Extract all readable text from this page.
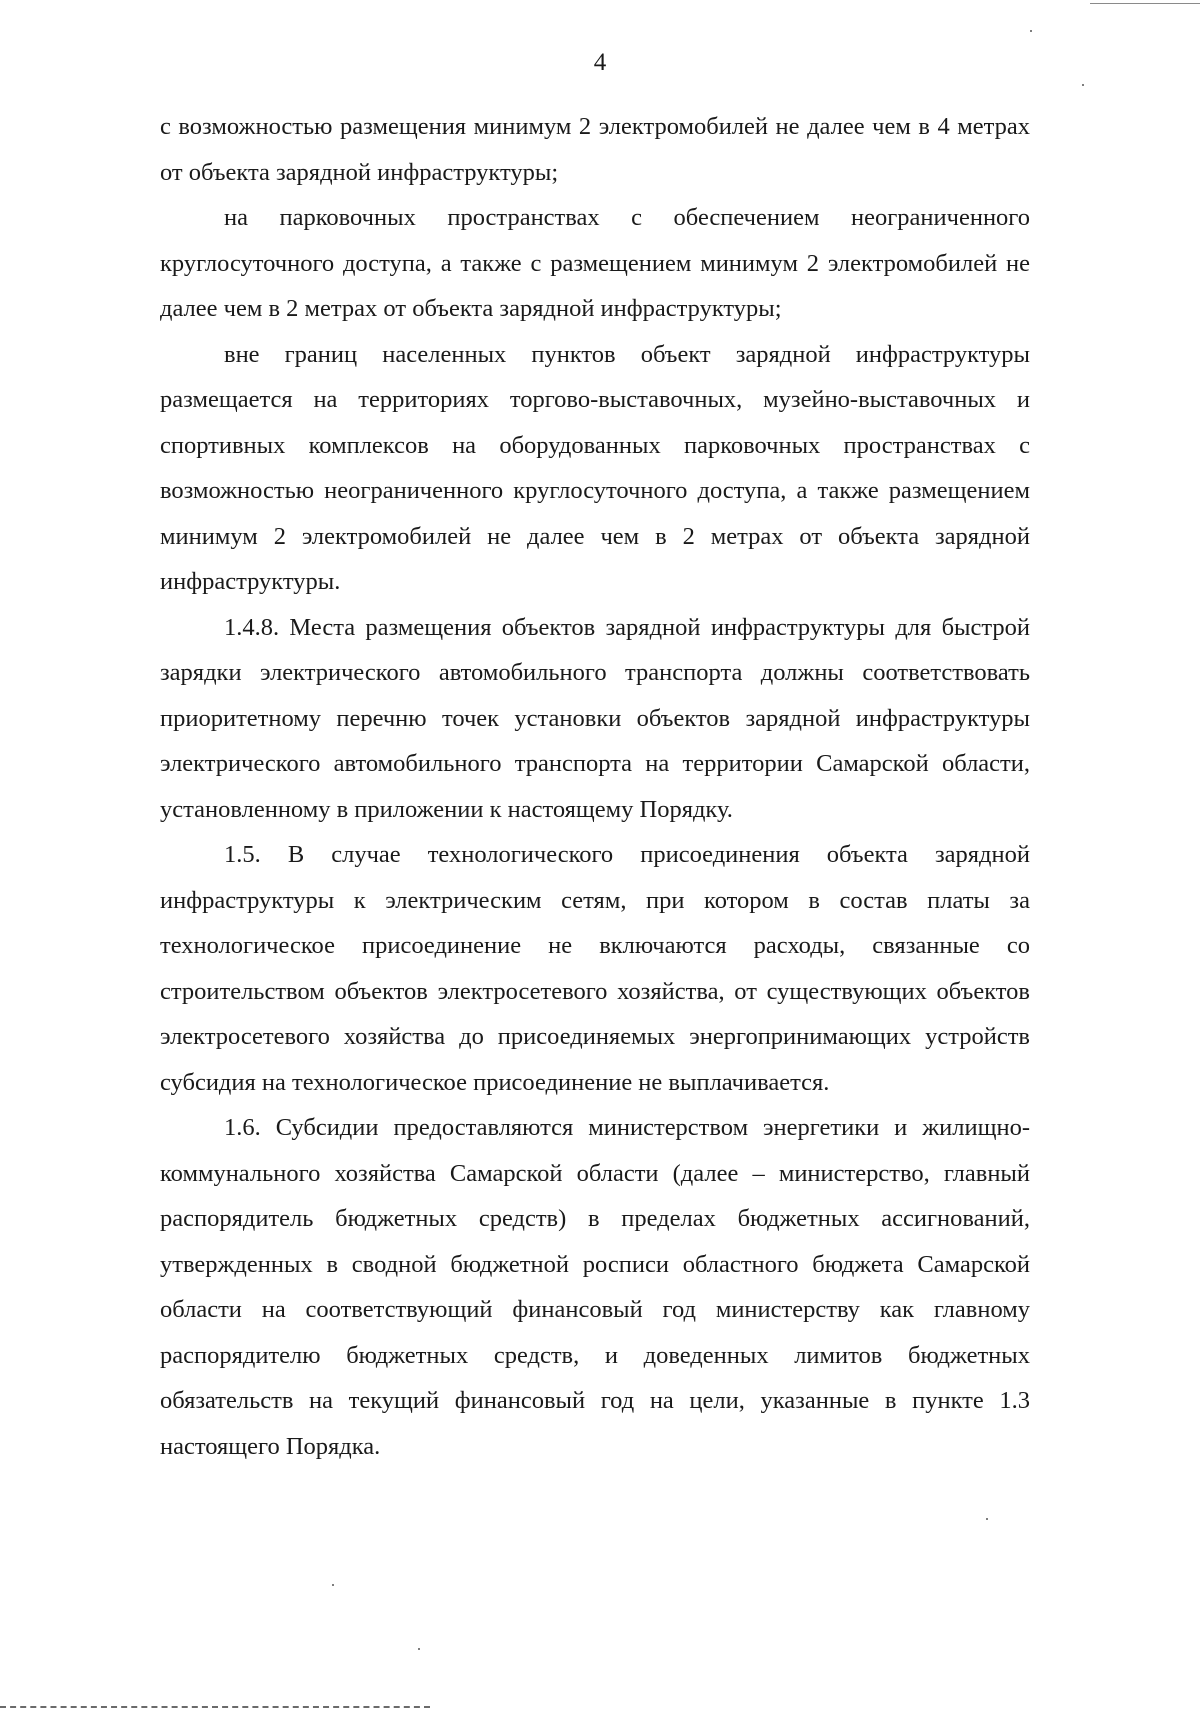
4

с возможностью размещения минимум 2 электромобилей не далее чем в 4 метрах от объекта зарядной инфраструктуры;

на парковочных пространствах с обеспечением неограниченного круглосуточного доступа, а также с размещением минимум 2 электромобилей не далее чем в 2 метрах от объекта зарядной инфраструктуры;

вне границ населенных пунктов объект зарядной инфраструктуры размещается на территориях торгово-выставочных, музейно-выставочных и спортивных комплексов на оборудованных парковочных пространствах с возможностью неограниченного круглосуточного доступа, а также размещением минимум 2 электромобилей не далее чем в 2 метрах от объекта зарядной инфраструктуры.

1.4.8. Места размещения объектов зарядной инфраструктуры для быстрой зарядки электрического автомобильного транспорта должны соответствовать приоритетному перечню точек установки объектов зарядной инфраструктуры электрического автомобильного транспорта на территории Самарской области, установленному в приложении к настоящему Порядку.

1.5. В случае технологического присоединения объекта зарядной инфраструктуры к электрическим сетям, при котором в состав платы за технологическое присоединение не включаются расходы, связанные со строительством объектов электросетевого хозяйства, от существующих объектов электросетевого хозяйства до присоединяемых энергопринимающих устройств субсидия на технологическое присоединение не выплачивается.

1.6. Субсидии предоставляются министерством энергетики и жилищно-коммунального хозяйства Самарской области (далее – министерство, главный распорядитель бюджетных средств) в пределах бюджетных ассигнований, утвержденных в сводной бюджетной росписи областного бюджета Самарской области на соответствующий финансовый год министерству как главному распорядителю бюджетных средств, и доведенных лимитов бюджетных обязательств на текущий финансовый год на цели, указанные в пункте 1.3 настоящего Порядка.
